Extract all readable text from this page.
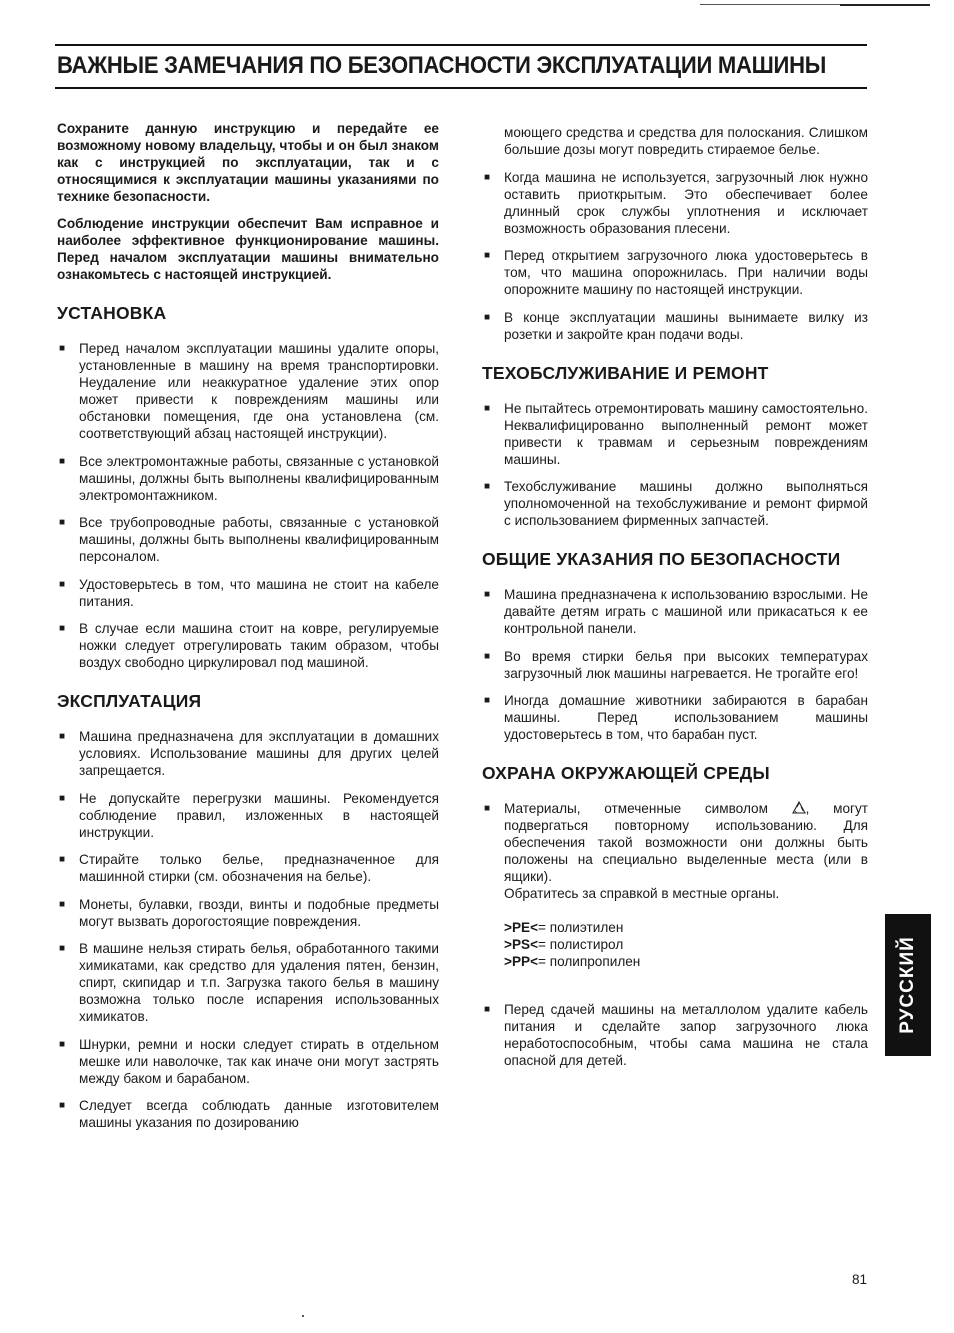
ВАЖНЫЕ ЗАМЕЧАНИЯ ПО БЕЗОПАСНОСТИ ЭКСПЛУАТАЦИИ МАШИНЫ

Сохраните данную инструкцию и передайте ее возможному новому владельцу, чтобы и он был знаком как с инструкцией по эксплуатации, так и с относящимися к эксплуатации машины указаниями по технике безопасности.

Соблюдение инструкции обеспечит Вам исправное и наиболее эффективное функционирование машины. Перед началом эксплуатации машины внимательно ознакомьтесь с настоящей инструкцией.

УСТАНОВКА
■ Перед началом эксплуатации машины удалите опоры, установленные в машину на время транспортировки. Неудаление или неаккуратное удаление этих опор может привести к повреждениям машины или обстановки помещения, где она установлена (см. соответствующий абзац настоящей инструкции).
■ Все электромонтажные работы, связанные с установкой машины, должны быть выполнены квалифицированным электромонтажником.
■ Все трубопроводные работы, связанные с установкой машины, должны быть выполнены квалифицированным персоналом.
■ Удостоверьтесь в том, что машина не стоит на кабеле питания.
■ В случае если машина стоит на ковре, регулируемые ножки следует отрегулировать таким образом, чтобы воздух свободно циркулировал под машиной.
ЭКСПЛУАТАЦИЯ
■ Машина предназначена для эксплуатации в домашних условиях. Использование машины для других целей запрещается.
■ Не допускайте перегрузки машины. Рекомендуется соблюдение правил, изложенных в настоящей инструкции.
■ Стирайте только белье, предназначенное для машинной стирки (см. обозначения на белье).
■ Монеты, булавки, гвозди, винты и подобные предметы могут вызвать дорогостоящие повреждения.
■ В машине нельзя стирать белья, обработанного такими химикатами, как средство для удаления пятен, бензин, спирт, скипидар и т.п. Загрузка такого белья в машину возможна только после испарения использованных химикатов.
■ Шнурки, ремни и носки следует стирать в отдельном мешке или наволочке, так как иначе они могут застрять между баком и барабаном.
■ Следует всегда соблюдать данные изготовителем машины указания по дозированию

моющего средства и средства для полоскания. Слишком большие дозы могут повредить стираемое белье.

■ Когда машина не используется, загрузочный люк нужно оставить приоткрытым. Это обеспечивает более длинный срок службы уплотнения и исключает возможность образования плесени.
■ Перед открытием загрузочного люка удостоверьтесь в том, что машина опорожнилась. При наличии воды опорожните машину по настоящей инструкции.
■ В конце эксплуатации машины вынимаете вилку из розетки и закройте кран подачи воды.
ТЕХОБСЛУЖИВАНИЕ И РЕМОНТ
■ Не пытайтесь отремонтировать машину самостоятельно. Неквалифицированно выполненный ремонт может привести к травмам и серьезным повреждениям машины.
■ Техобслуживание машины должно выполняться уполномоченной на техобслуживание и ремонт фирмой с использованием фирменных запчастей.
ОБЩИЕ УКАЗАНИЯ ПО БЕЗОПАСНОСТИ
■ Машина предназначена к использованию взрослыми. Не давайте детям играть с машиной или прикасаться к ее контрольной панели.
■ Во время стирки белья при высоких температурах загрузочный люк машины нагревается. Не трогайте его!
■ Иногда домашние животники забираются в барабан машины. Перед использованием машины удостоверьтесь в том, что барабан пуст.
ОХРАНА ОКРУЖАЮЩЕЙ СРЕДЫ
■ Материалы, отмеченные символом	, могут подвергаться повторному использованию. Для обеспечения такой возможности они должны быть положены на специально выделенные места (или в ящики).
Обратитесь за справкой в местные органы.
>PE<= полиэтилен
>PS<= полистирол
>PP<= полипропилен
■ Перед сдачей машины на металлолом удалите кабель питания и сделайте запор загрузочного люка неработоспособным, чтобы сама машина не стала опасной для детей.
РУССКИЙ
81
